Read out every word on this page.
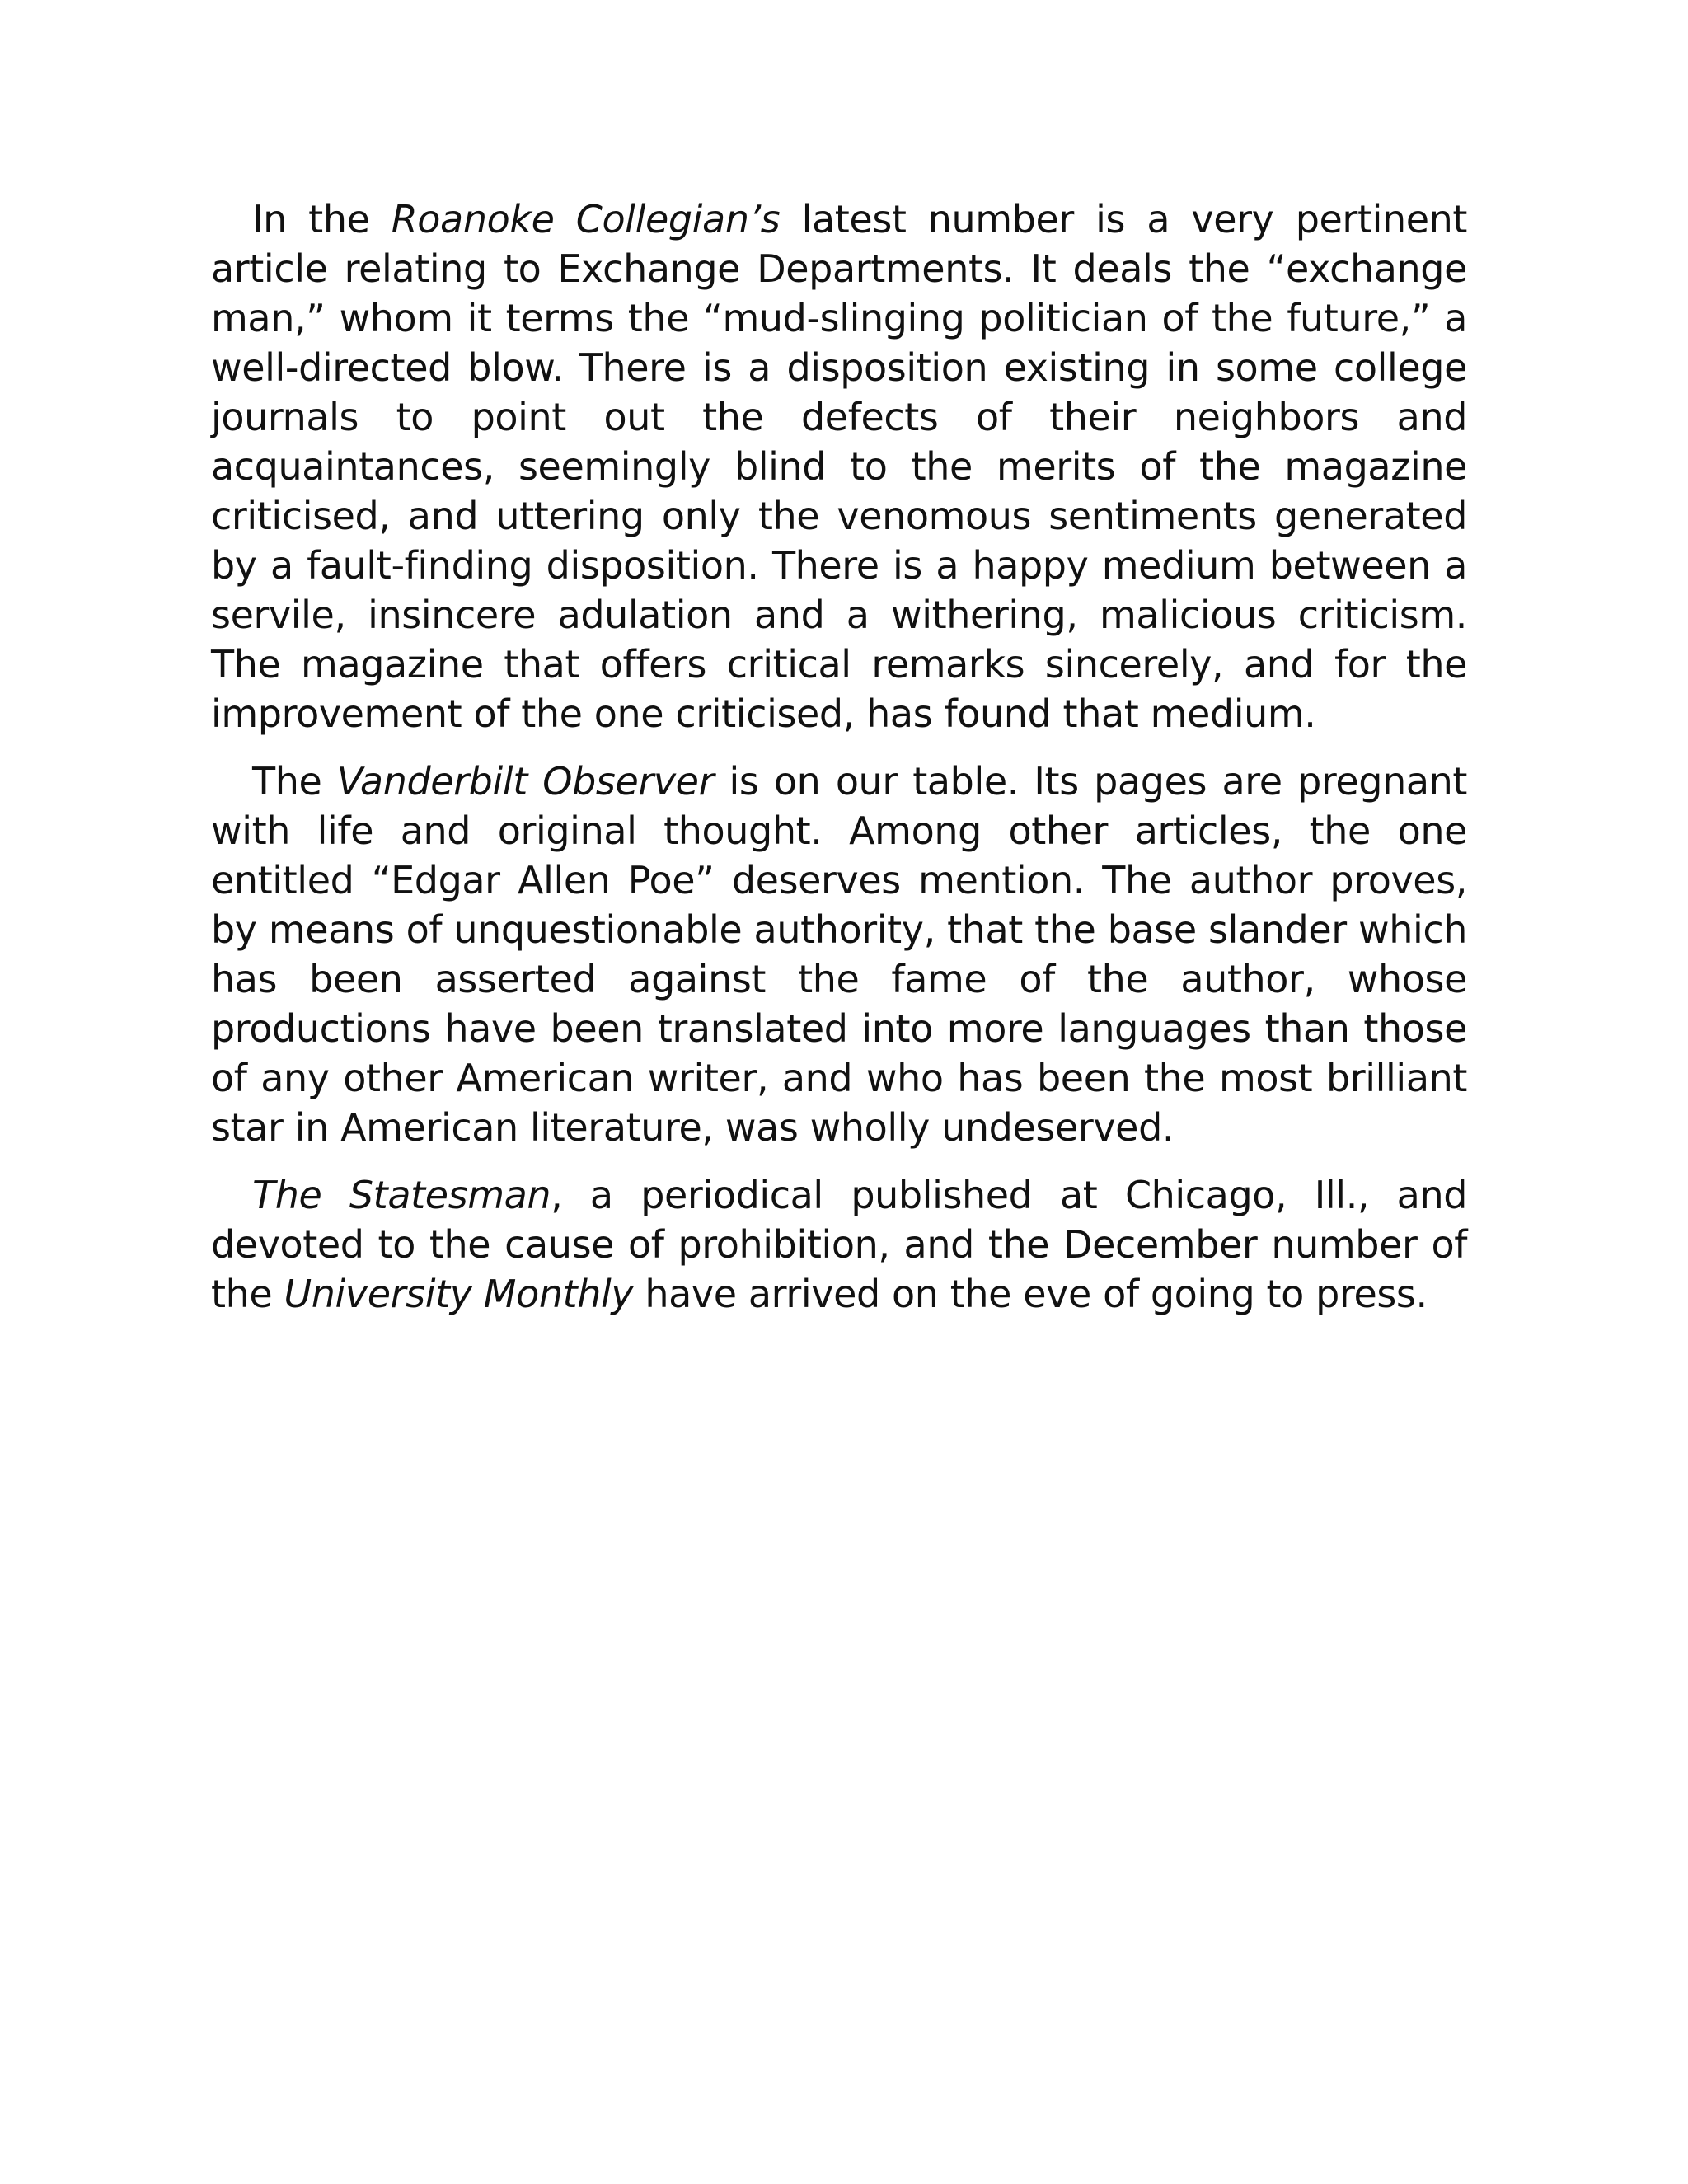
In the Roanoke Collegian’s latest number is a very pertinent article relating to Exchange Departments. It deals the “exchange man,” whom it terms the “mud-slinging politician of the future,” a well-directed blow. There is a disposition existing in some college journals to point out the defects of their neighbors and acquaintances, seemingly blind to the merits of the magazine criticised, and uttering only the venomous sentiments generated by a fault-finding disposition. There is a happy medium between a servile, insincere adulation and a withering, malicious criticism. The magazine that offers critical remarks sincerely, and for the improvement of the one criticised, has found that medium.

The Vanderbilt Observer is on our table. Its pages are pregnant with life and original thought. Among other articles, the one entitled “Edgar Allen Poe” deserves mention. The author proves, by means of unquestionable authority, that the base slander which has been asserted against the fame of the author, whose productions have been translated into more languages than those of any other American writer, and who has been the most brilliant star in American literature, was wholly undeserved.

The Statesman, a periodical published at Chicago, Ill., and devoted to the cause of prohibition, and the December number of the University Monthly have arrived on the eve of going to press.
